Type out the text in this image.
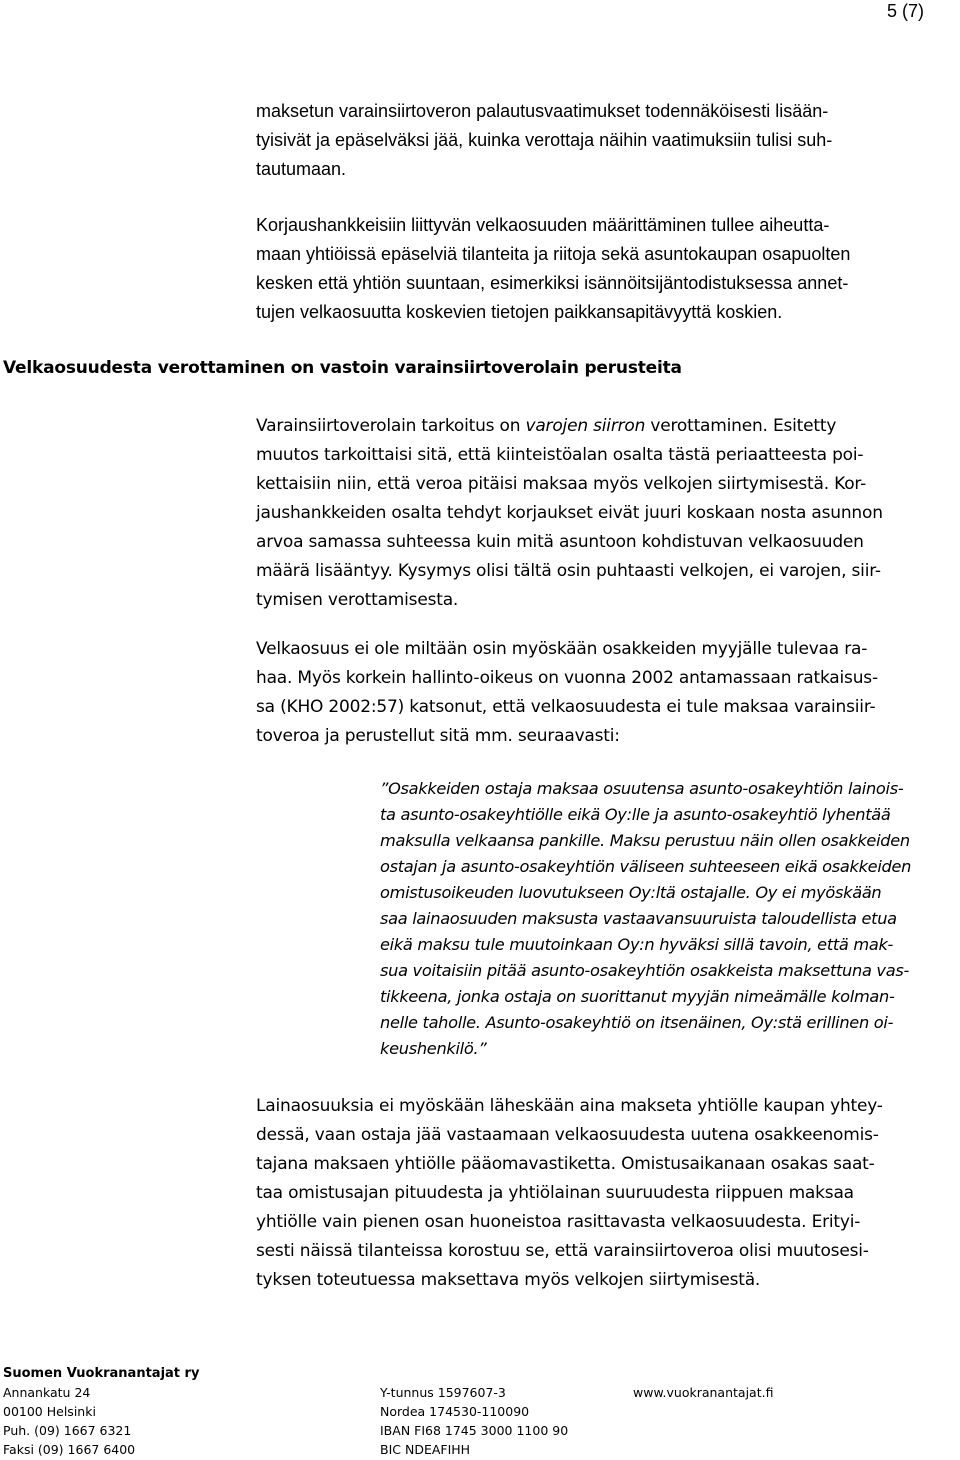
5 (7)
maksetun varainsiirtoveron palautusvaatimukset todennäköisesti lisään-
tyisivät ja epäselväksi jää, kuinka verottaja näihin vaatimuksiin tulisi suh-
tautumaan.
Korjaushankkeisiin liittyvän velkaosuuden määrittäminen tullee aiheutta-
maan yhtiöissä epäselviä tilanteita ja riitoja sekä asuntokaupan osapuolten
kesken että yhtiön suuntaan, esimerkiksi isännöitsijäntodistuksessa annet-
tujen velkaosuutta koskevien tietojen paikkansapitävyyttä koskien.
Velkaosuudesta verottaminen on vastoin varainsiirtoverolain perusteita
Varainsiirtoverolain tarkoitus on varojen siirron verottaminen. Esitetty
muutos tarkoittaisi sitä, että kiinteistöalan osalta tästä periaatteesta poi-
kettaisiin niin, että veroa pitäisi maksaa myös velkojen siirtymisestä. Kor-
jaushankkeiden osalta tehdyt korjaukset eivät juuri koskaan nosta asunnon
arvoa samassa suhteessa kuin mitä asuntoon kohdistuvan velkaosuuden
määrä lisääntyy. Kysymys olisi tältä osin puhtaasti velkojen, ei varojen, siir-
tymisen verottamisesta.
Velkaosuus ei ole miltään osin myöskään osakkeiden myyjälle tulevaa ra-
haa. Myös korkein hallinto-oikeus on vuonna 2002 antamassaan ratkaisus-
sa (KHO 2002:57) katsonut, että velkaosuudesta ei tule maksaa varainsiir-
toveroa ja perustellut sitä mm. seuraavasti:
”Osakkeiden ostaja maksaa osuutensa asunto-osakeyhtiön lainois-
ta asunto-osakeyhtiölle eikä Oy:lle ja asunto-osakeyhtiö lyhentää
maksulla velkaansa pankille. Maksu perustuu näin ollen osakkeiden
ostajan ja asunto-osakeyhtiön väliseen suhteeseen eikä osakkeiden
omistusoikeuden luovutukseen Oy:ltä ostajalle. Oy ei myöskään
saa lainaosuuden maksusta vastaavansuuruista taloudellista etua
eikä maksu tule muutoinkaan Oy:n hyväksi sillä tavoin, että mak-
sua voitaisiin pitää asunto-osakeyhtiön osakkeista maksettuna vas-
tikkeena, jonka ostaja on suorittanut myyjän nimeämälle kolman-
nelle taholle. Asunto-osakeyhtiö on itsenäinen, Oy:stä erillinen oi-
keushenkilö.”
Lainaosuuksia ei myöskään läheskään aina makseta yhtiölle kaupan yhtey-
dessä, vaan ostaja jää vastaamaan velkaosuudesta uutena osakkeenomis-
tajana maksaen yhtiölle pääomavastiketta. Omistusaikanaan osakas saat-
taa omistusajan pituudesta ja yhtiölainan suuruudesta riippuen maksaa
yhtiölle vain pienen osan huoneistoa rasittavasta velkaosuudesta. Erityi-
sesti näissä tilanteissa korostuu se, että varainsiirtoveroa olisi muutosesi-
tyksen toteutuessa maksettava myös velkojen siirtymisestä.
Suomen Vuokranantajat ry
Annankatu 24
00100 Helsinki
Puh. (09) 1667 6321
Faksi (09) 1667 6400
Y-tunnus 1597607-3
Nordea 174530-110090
IBAN FI68 1745 3000 1100 90
BIC NDEAFIHH
www.vuokranantajat.fi
